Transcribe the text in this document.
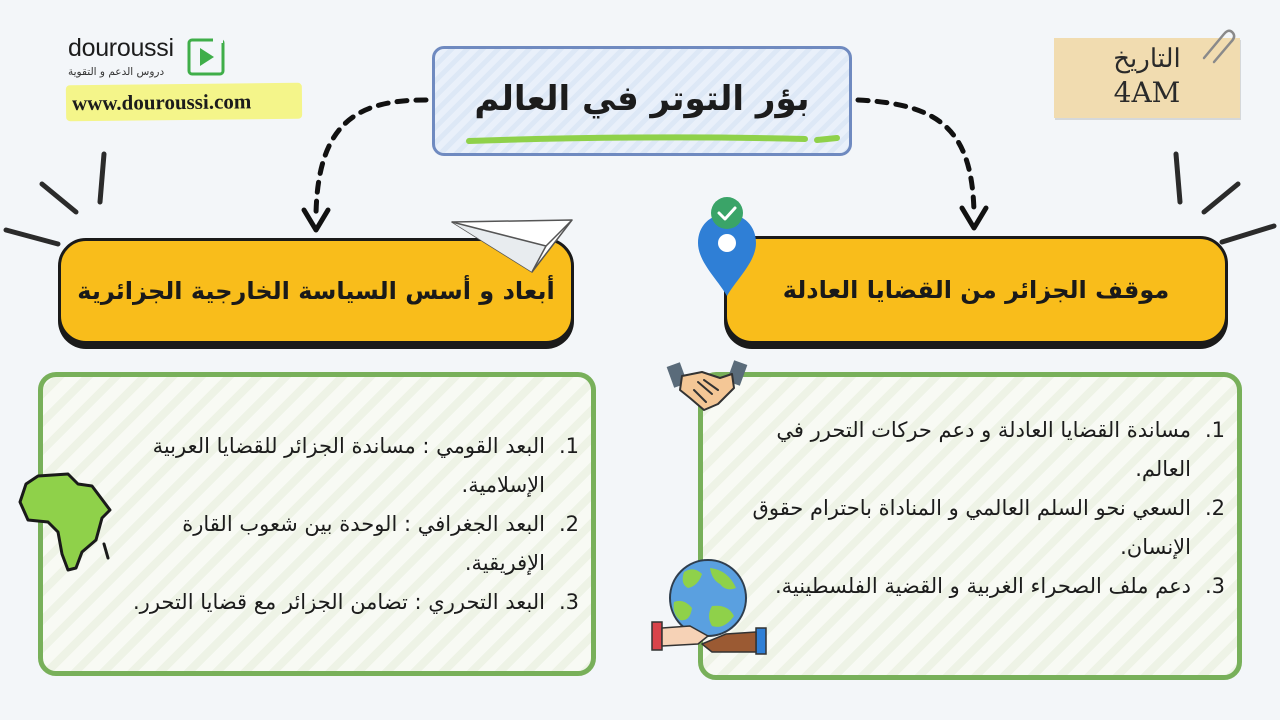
douroussi
دروس الدعم و التقوية
www.douroussi.com	بؤر التوتر في العالم
التاريخ
4AM
أبعاد و أسس السياسة الخارجية الجزائرية	موقف الجزائر من القضايا العادلة
1.
البعد القومي : مساندة الجزائر للقضايا العربية الإسلامية.
2.
البعد الجغرافي : الوحدة بين شعوب القارة الإفريقية.
3.
البعد التحرري : تضامن الجزائر مع قضايا التحرر.
1.
مساندة القضايا العادلة و دعم حركات التحرر في العالم.
2.
السعي نحو السلم العالمي و المناداة باحترام حقوق الإنسان.
3.
دعم ملف الصحراء الغربية و القضية الفلسطينية.
